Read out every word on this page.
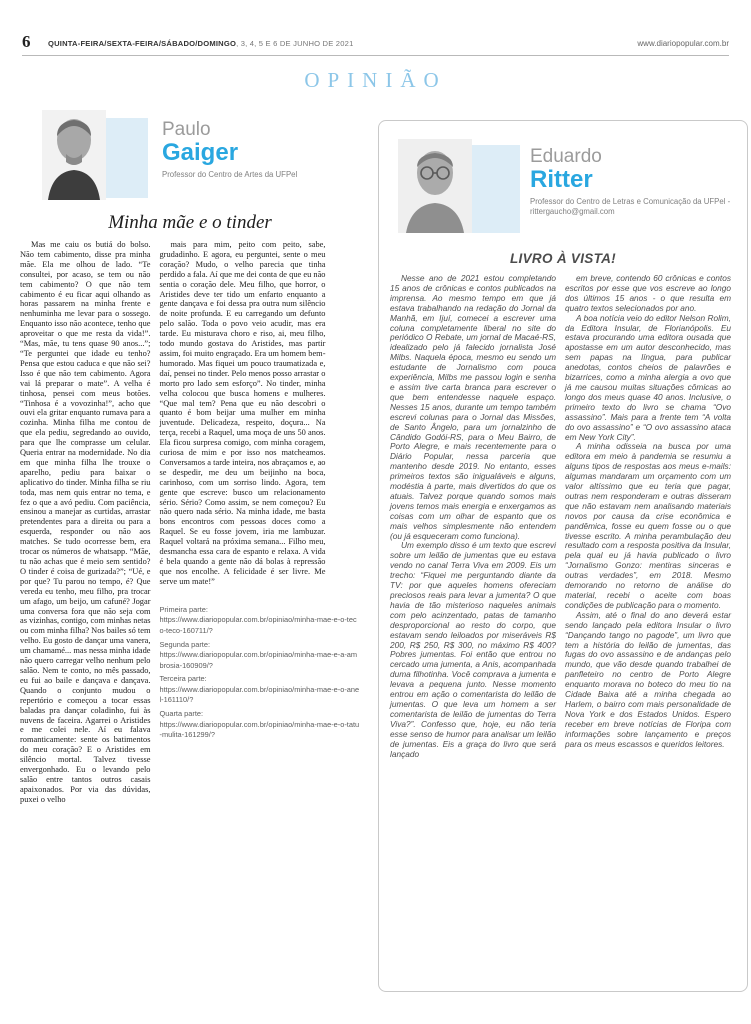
6 QUINTA-FEIRA/SEXTA-FEIRA/SÁBADO/DOMINGO, 3, 4, 5 E 6 DE JUNHO DE 2021	www.diariopopular.com.br
OPINIÃO
Paulo
Gaiger
Professor do Centro de Artes da UFPel
Minha mãe e o tinder

Mas me caiu os butiá do bolso. Não tem cabimento, disse pra minha mãe. Ela me olhou de lado. “Te consultei, por acaso, se tem ou não tem cabimento? O que não tem cabimento é eu ficar aqui olhando as horas passarem na minha frente e nenhuminha me levar para o sossego. Enquanto isso não acontece, tenho que aproveitar o que me resta da vida!”. “Mas, mãe, tu tens quase 90 anos...”; “Te perguntei que idade eu tenho? Pensa que estou caduca e que não sei? Isso é que não tem cabimento. Agora vai lá preparar o mate”. A velha é tinhosa, pensei com meus botões. “Tinhosa é a vovozinha!”, acho que ouvi ela gritar enquanto rumava para a cozinha. Minha filha me contou de que ela pediu, segredando ao ouvido, para que lhe comprasse um celular. Queria entrar na modernidade. No dia em que minha filha lhe trouxe o aparelho, pediu para baixar o aplicativo do tinder. Minha filha se riu toda, mas nem quis entrar no tema, e fez o que a avó pediu. Com paciência, ensinou a manejar as curtidas, arrastar pretendentes para a direita ou para a esquerda, responder ou não aos matches. Se tudo ocorresse bem, era trocar os números de whatsapp. “Mãe, tu não achas que é meio sem sentido? O tinder é coisa de gurizada?”; “Ué, e por que? Tu parou no tempo, é? Que vereda eu tenho, meu filho, pra trocar um afago, um beijo, um cafuné? Jogar uma conversa fora que não seja com as vizinhas, contigo, com minhas netas ou com minha filha? Nos bailes só tem velho. Eu gosto de dançar uma vanera, um chamamé... mas nessa minha idade não quero carregar velho nenhum pelo salão. Nem te conto, no mês passado, eu fui ao baile e dançava e dançava. Quando o conjunto mudou o repertório e começou a tocar essas baladas pra dançar coladinho, fui às nuvens de faceira. Agarrei o Aristides e me colei nele. Aí eu falava romanticamente: sente os batimentos do meu coração? E o Aristides em silêncio mortal. Talvez tivesse envergonhado. Eu o levando pelo salão entre tantos outros casais apaixonados. Por via das dúvidas, puxei o velho

mais para mim, peito com peito, sabe, grudadinho. E agora, eu perguntei, sente o meu coração? Mudo, o velho parecia que tinha perdido a fala. Aí que me dei conta de que eu não sentia o coração dele. Meu filho, que horror, o Aristides deve ter tido um enfarto enquanto a gente dançava e foi dessa pra outra num silêncio de noite profunda. E eu carregando um defunto pelo salão. Toda o povo veio acudir, mas era tarde. Eu misturava choro e riso, ai, meu filho, todo mundo gostava do Aristides, mas partir assim, foi muito engraçado. Era um homem bem-humorado. Mas fiquei um pouco traumatizada e, daí, pensei no tinder. Pelo menos posso arrastar o morto pro lado sem esforço”. No tinder, minha velha colocou que busca homens e mulheres. “Que mal tem? Pena que eu não descobri o quanto é bom beijar uma mulher em minha juventude. Delicadeza, respeito, doçura... Na terça, recebi a Raquel, uma moça de uns 50 anos. Ela ficou surpresa comigo, com minha coragem, curiosa de mim e por isso nos matcheamos. Conversamos a tarde inteira, nos abraçamos e, ao se despedir, me deu um beijinho na boca, carinhoso, com um sorriso lindo. Agora, tem gente que escreve: busco um relacionamento sério. Sério? Como assim, se nem começou? Eu não quero nada sério. Na minha idade, me basta bons encontros com pessoas doces como a Raquel. Se eu fosse jovem, iria me lambuzar. Raquel voltará na próxima semana... Filho meu, desmancha essa cara de espanto e relaxa. A vida é bela quando a gente não dá bolas à repressão que nos encolhe. A felicidade é ser livre. Me serve um mate!”

Primeira parte:
https://www.diariopopular.com.br/opiniao/minha-mae-e-o-teco-teco-160711/?
Segunda parte:
https://www.diariopopular.com.br/opiniao/minha-mae-e-a-ambrosia-160909/?
Terceira parte:
https://www.diariopopular.com.br/opiniao/minha-mae-e-o-anel-161110/?
Quarta parte:
https://www.diariopopular.com.br/opiniao/minha-mae-e-o-tatu-mulita-161299/?
Eduardo
Ritter
Professor do Centro de Letras e Comunicação da UFPel - rittergaucho@gmail.com
LIVRO À VISTA!

Nesse ano de 2021 estou completando 15 anos de crônicas e contos publicados na imprensa. Ao mesmo tempo em que já estava trabalhando na redação do Jornal da Manhã, em Ijuí, comecei a escrever uma coluna completamente liberal no site do periódico O Rebate, um jornal de Macaé-RS, idealizado pelo já falecido jornalista José Milbs. Naquela época, mesmo eu sendo um estudante de Jornalismo com pouca experiência, Milbs me passou login e senha e assim tive carta branca para escrever o que bem entendesse naquele espaço. Nesses 15 anos, durante um tempo também escrevi colunas para o Jornal das Missões, de Santo Ângelo, para um jornalzinho de Cândido Godói-RS, para o Meu Bairro, de Porto Alegre, e mais recentemente para o Diário Popular, nessa parceria que mantenho desde 2019. No entanto, esses primeiros textos são inigualáveis e alguns, modéstia à parte, mais divertidos do que os atuais. Talvez porque quando somos mais jovens temos mais energia e enxergamos as coisas com um olhar de espanto que os mais velhos simplesmente não entendem (ou já esqueceram como funciona).

Um exemplo disso é um texto que escrevi sobre um leilão de jumentas que eu estava vendo no canal Terra Viva em 2009. Eis um trecho: “Fiquei me perguntando diante da TV: por que aqueles homens ofereciam preciosos reais para levar a jumenta? O que havia de tão misterioso naqueles animais com pelo acinzentado, patas de tamanho desproporcional ao resto do corpo, que estavam sendo leiloados por miseráveis R$ 200, R$ 250, R$ 300, no máximo R$ 400? Pobres jumentas. Foi então que entrou no cercado uma jumenta, a Anis, acompanhada duma filhotinha. Você comprava a jumenta e levava a pequena junto. Nesse momento entrou em ação o comentarista do leilão de jumentas. O que leva um homem a ser comentarista de leilão de jumentas do Terra Viva?”. Confesso que, hoje, eu não teria esse senso de humor para analisar um leilão de jumentas. Eis a graça do livro que será lançado

em breve, contendo 60 crônicas e contos escritos por esse que vos escreve ao longo dos últimos 15 anos - o que resulta em quatro textos selecionados por ano.

A boa notícia veio do editor Nelson Rolim, da Editora Insular, de Florianópolis. Eu estava procurando uma editora ousada que apostasse em um autor desconhecido, mas sem papas na língua, para publicar anedotas, contos cheios de palavrões e bizarrices, como a minha alergia a ovo que já me causou muitas situações cômicas ao longo dos meus quase 40 anos. Inclusive, o primeiro texto do livro se chama “Ovo assassino”. Mais para a frente tem “A volta do ovo assassino” e “O ovo assassino ataca em New York City”.

A minha odisseia na busca por uma editora em meio à pandemia se resumiu a alguns tipos de respostas aos meus e-mails: algumas mandaram um orçamento com um valor altíssimo que eu teria que pagar, outras nem responderam e outras disseram que não estavam nem analisando materiais novos por causa da crise econômica e pandêmica, fosse eu quem fosse ou o que tivesse escrito. A minha perambulação deu resultado com a resposta positiva da Insular, pela qual eu já havia publicado o livro “Jornalismo Gonzo: mentiras sinceras e outras verdades”, em 2018. Mesmo demorando no retorno de análise do material, recebi o aceite com boas condições de publicação para o momento.

Assim, até o final do ano deverá estar sendo lançado pela editora Insular o livro “Dançando tango no pagode”, um livro que tem a história do leilão de jumentas, das fugas do ovo assassino e de andanças pelo mundo, que vão desde quando trabalhei de panfleteiro no centro de Porto Alegre enquanto morava no boteco do meu tio na Cidade Baixa até a minha chegada ao Harlem, o bairro com mais personalidade de Nova York e dos Estados Unidos. Espero receber em breve notícias de Floripa com informações sobre lançamento e preços para os meus escassos e queridos leitores.
